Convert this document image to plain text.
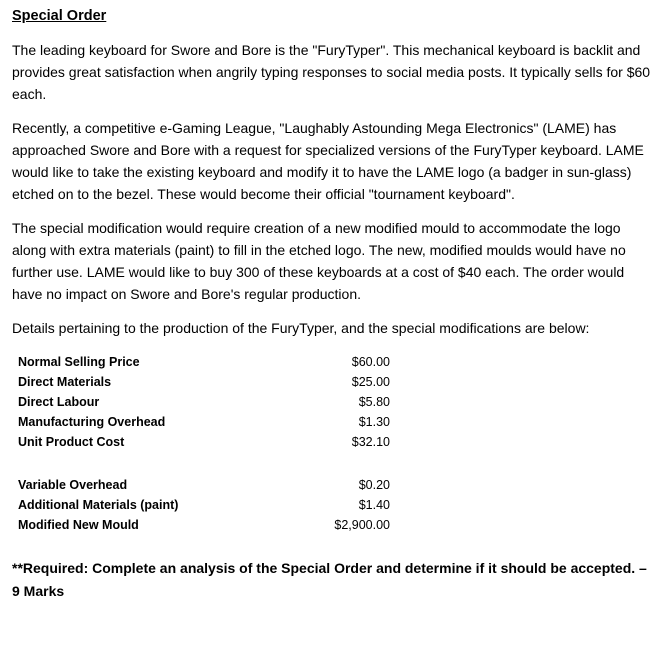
Special Order

The leading keyboard for Swore and Bore is the "FuryTyper". This mechanical keyboard is backlit and provides great satisfaction when angrily typing responses to social media posts. It typically sells for $60 each.

Recently, a competitive e-Gaming League, "Laughably Astounding Mega Electronics" (LAME) has approached Swore and Bore with a request for specialized versions of the FuryTyper keyboard. LAME would like to take the existing keyboard and modify it to have the LAME logo (a badger in sun-glass) etched on to the bezel. These would become their official "tournament keyboard".

The special modification would require creation of a new modified mould to accommodate the logo along with extra materials (paint) to fill in the etched logo. The new, modified moulds would have no further use. LAME would like to buy 300 of these keyboards at a cost of $40 each. The order would have no impact on Swore and Bore's regular production.

Details pertaining to the production of the FuryTyper, and the special modifications are below:

Normal Selling Price	$60.00
Direct Materials	$25.00
Direct Labour	$5.80
Manufacturing Overhead	$1.30
Unit Product Cost	$32.10

Variable Overhead	$0.20
Additional Materials (paint)	$1.40
Modified New Mould	$2,900.00
**Required: Complete an analysis of the Special Order and determine if it should be accepted. – 9 Marks
